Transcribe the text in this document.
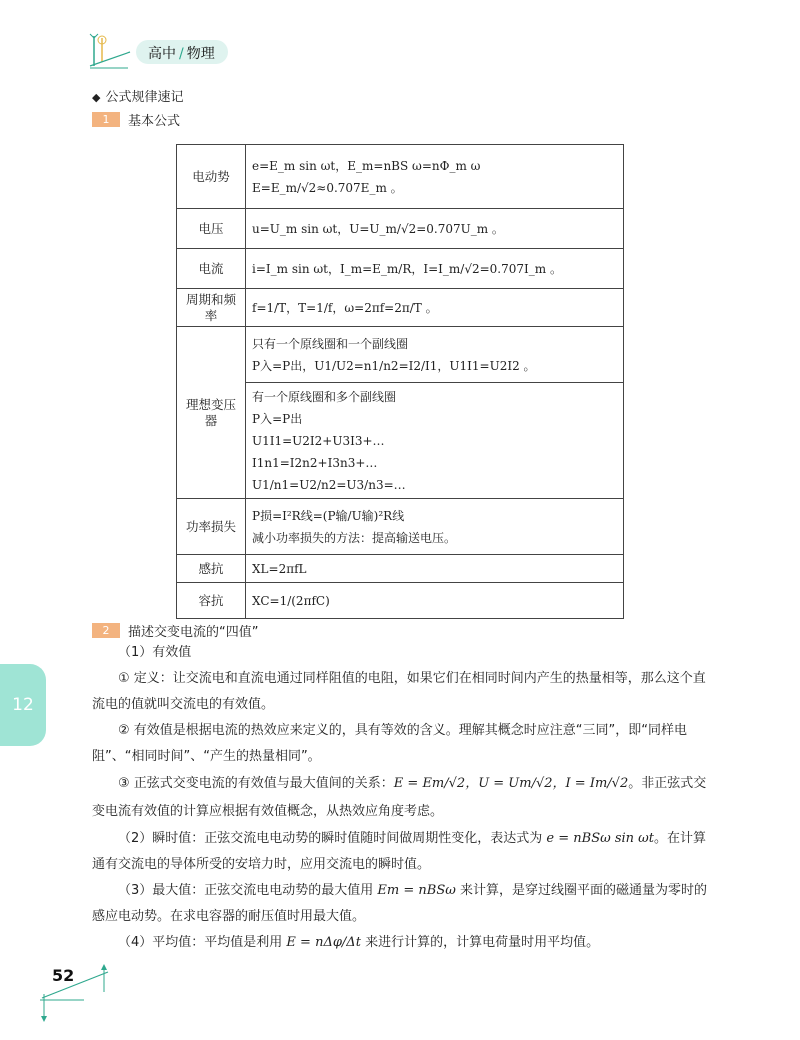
高中 / 物理
◆ 公式规律速记
1	基本公式
电动势	e=E_m sin ωt，E_m=nBS ω=nΦ_m ω
E=E_m/√2≈0.707E_m 。

电压	u=U_m sin ωt，U=U_m/√2=0.707U_m 。

电流	i=I_m sin ωt，I_m=E_m/R，I=I_m/√2=0.707I_m 。

周期和频率	f=1/T，T=1/f，ω=2πf=2π/T 。

理想变压器	只有一个原线圈和一个副线圈
P入=P出，U1/U2=n1/n2=I2/I1，U1I1=U2I2 。

	有一个原线圈和多个副线圈
P入=P出
U1I1=U2I2+U3I3+…
I1n1=I2n2+I3n3+…
U1/n1=U2/n2=U3/n3=…

功率损失	P损=I²R线=(P输/U输)²R线
减小功率损失的方法：提高输送电压。

感抗	XL=2πfL

容抗	XC=1/(2πfC)
2	描述交变电流的“四值”
（1）有效值
① 定义：让交流电和直流电通过同样阻值的电阻，如果它们在相同时间内产生的热量相等，那么这个直流电的值就叫交流电的有效值。
② 有效值是根据电流的热效应来定义的，具有等效的含义。理解其概念时应注意“三同”，即“同样电阻”、“相同时间”、“产生的热量相同”。
③ 正弦式交变电流的有效值与最大值间的关系：E = Em/√2，U = Um/√2，I = Im/√2。非正弦式交变电流有效值的计算应根据有效值概念，从热效应角度考虑。
（2）瞬时值：正弦交流电电动势的瞬时值随时间做周期性变化，表达式为 e = nBSω sin ωt。在计算通有交流电的导体所受的安培力时，应用交流电的瞬时值。
（3）最大值：正弦交流电电动势的最大值用 Em = nBSω 来计算，是穿过线圈平面的磁通量为零时的感应电动势。在求电容器的耐压值时用最大值。
（4）平均值：平均值是利用 E = nΔφ/Δt 来进行计算的，计算电荷量时用平均值。
12
52
